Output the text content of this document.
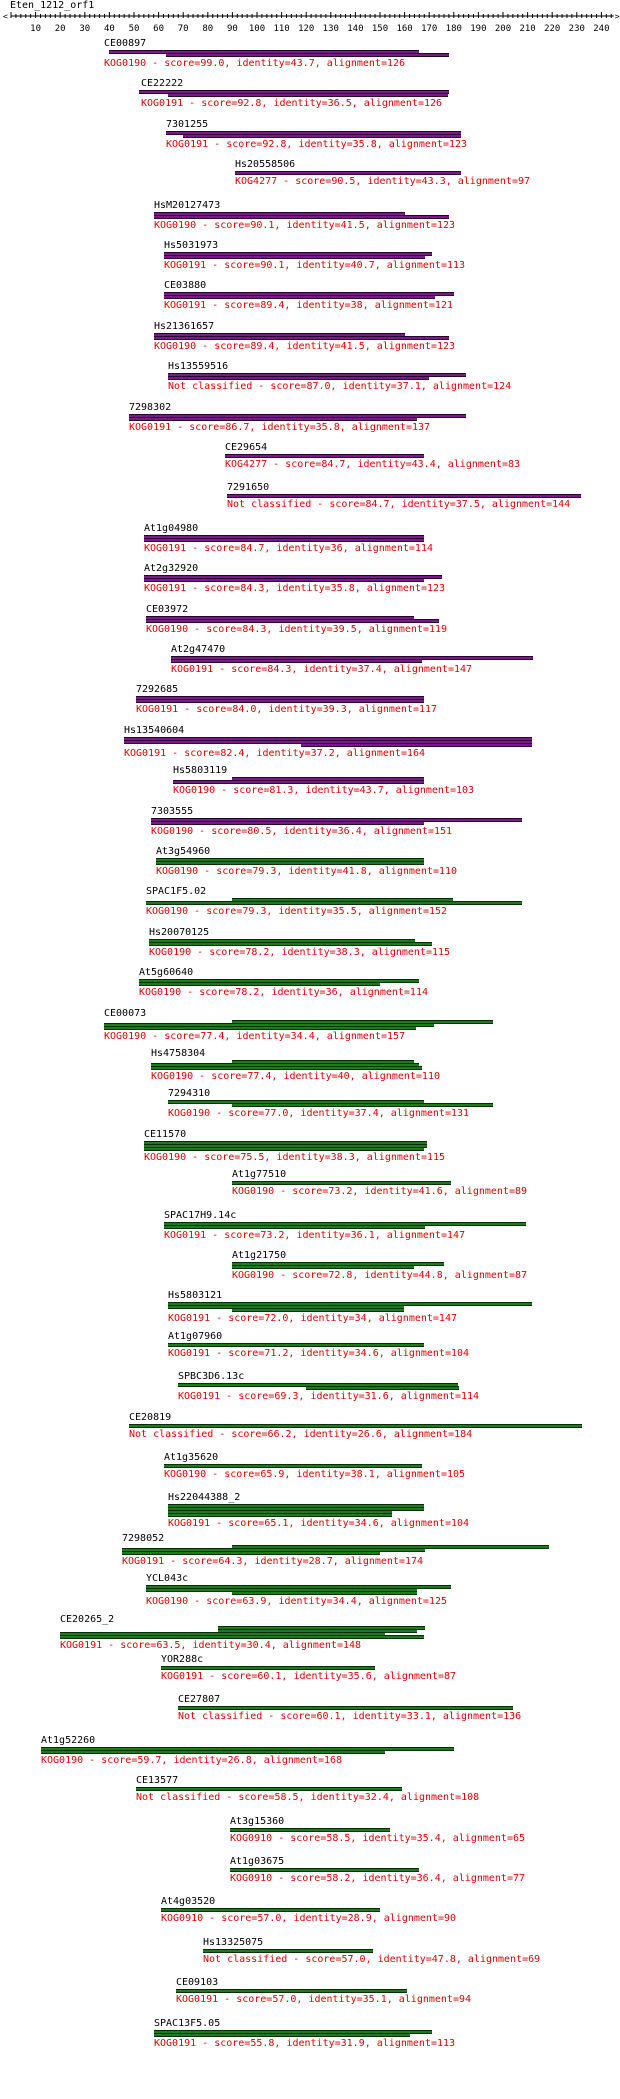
Eten_1212_orf1
<	>
10 20 30 40 50 60 70 80 90 100 110 120 130 140 150 160 170 180 190 200 210 220 230 240
CE00897
KOG0190 - score=99.0, identity=43.7, alignment=126
CE22222
KOG0191 - score=92.8, identity=36.5, alignment=126
7301255
KOG0191 - score=92.8, identity=35.8, alignment=123
Hs20558506
KOG4277 - score=90.5, identity=43.3, alignment=97
HsM20127473
KOG0190 - score=90.1, identity=41.5, alignment=123
Hs5031973
KOG0191 - score=90.1, identity=40.7, alignment=113
CE03880
KOG0191 - score=89.4, identity=38, alignment=121
Hs21361657
KOG0190 - score=89.4, identity=41.5, alignment=123
Hs13559516
Not classified - score=87.0, identity=37.1, alignment=124
7298302
KOG0191 - score=86.7, identity=35.8, alignment=137
CE29654
KOG4277 - score=84.7, identity=43.4, alignment=83
7291650
Not classified - score=84.7, identity=37.5, alignment=144
At1g04980
KOG0191 - score=84.7, identity=36, alignment=114
At2g32920
KOG0191 - score=84.3, identity=35.8, alignment=123
CE03972
KOG0190 - score=84.3, identity=39.5, alignment=119
At2g47470
KOG0191 - score=84.3, identity=37.4, alignment=147
7292685
KOG0191 - score=84.0, identity=39.3, alignment=117
Hs13540604
KOG0191 - score=82.4, identity=37.2, alignment=164
Hs5803119
KOG0190 - score=81.3, identity=43.7, alignment=103
7303555
KOG0190 - score=80.5, identity=36.4, alignment=151
At3g54960
KOG0190 - score=79.3, identity=41.8, alignment=110
SPAC1F5.02
KOG0190 - score=79.3, identity=35.5, alignment=152
Hs20070125
KOG0190 - score=78.2, identity=38.3, alignment=115
At5g60640
KOG0190 - score=78.2, identity=36, alignment=114
CE00073
KOG0190 - score=77.4, identity=34.4, alignment=157
Hs4758304
KOG0190 - score=77.4, identity=40, alignment=110
7294310
KOG0190 - score=77.0, identity=37.4, alignment=131
CE11570
KOG0190 - score=75.5, identity=38.3, alignment=115
At1g77510
KOG0190 - score=73.2, identity=41.6, alignment=89
SPAC17H9.14c
KOG0191 - score=73.2, identity=36.1, alignment=147
At1g21750
KOG0190 - score=72.8, identity=44.8, alignment=87
Hs5803121
KOG0191 - score=72.0, identity=34, alignment=147
At1g07960
KOG0191 - score=71.2, identity=34.6, alignment=104
SPBC3D6.13c
KOG0191 - score=69.3, identity=31.6, alignment=114
CE20819
Not classified - score=66.2, identity=26.6, alignment=184
At1g35620
KOG0190 - score=65.9, identity=38.1, alignment=105
Hs22044388_2
KOG0191 - score=65.1, identity=34.6, alignment=104
7298052
KOG0191 - score=64.3, identity=28.7, alignment=174
YCL043c
KOG0190 - score=63.9, identity=34.4, alignment=125
CE20265_2
KOG0191 - score=63.5, identity=30.4, alignment=148
YOR288c
KOG0191 - score=60.1, identity=35.6, alignment=87
CE27807
Not classified - score=60.1, identity=33.1, alignment=136
At1g52260
KOG0190 - score=59.7, identity=26.8, alignment=168
CE13577
Not classified - score=58.5, identity=32.4, alignment=108
At3g15360
KOG0910 - score=58.5, identity=35.4, alignment=65
At1g03675
KOG0910 - score=58.2, identity=36.4, alignment=77
At4g03520
KOG0910 - score=57.0, identity=28.9, alignment=90
Hs13325075
Not classified - score=57.0, identity=47.8, alignment=69
CE09103
KOG0191 - score=57.0, identity=35.1, alignment=94
SPAC13F5.05
KOG0191 - score=55.8, identity=31.9, alignment=113
